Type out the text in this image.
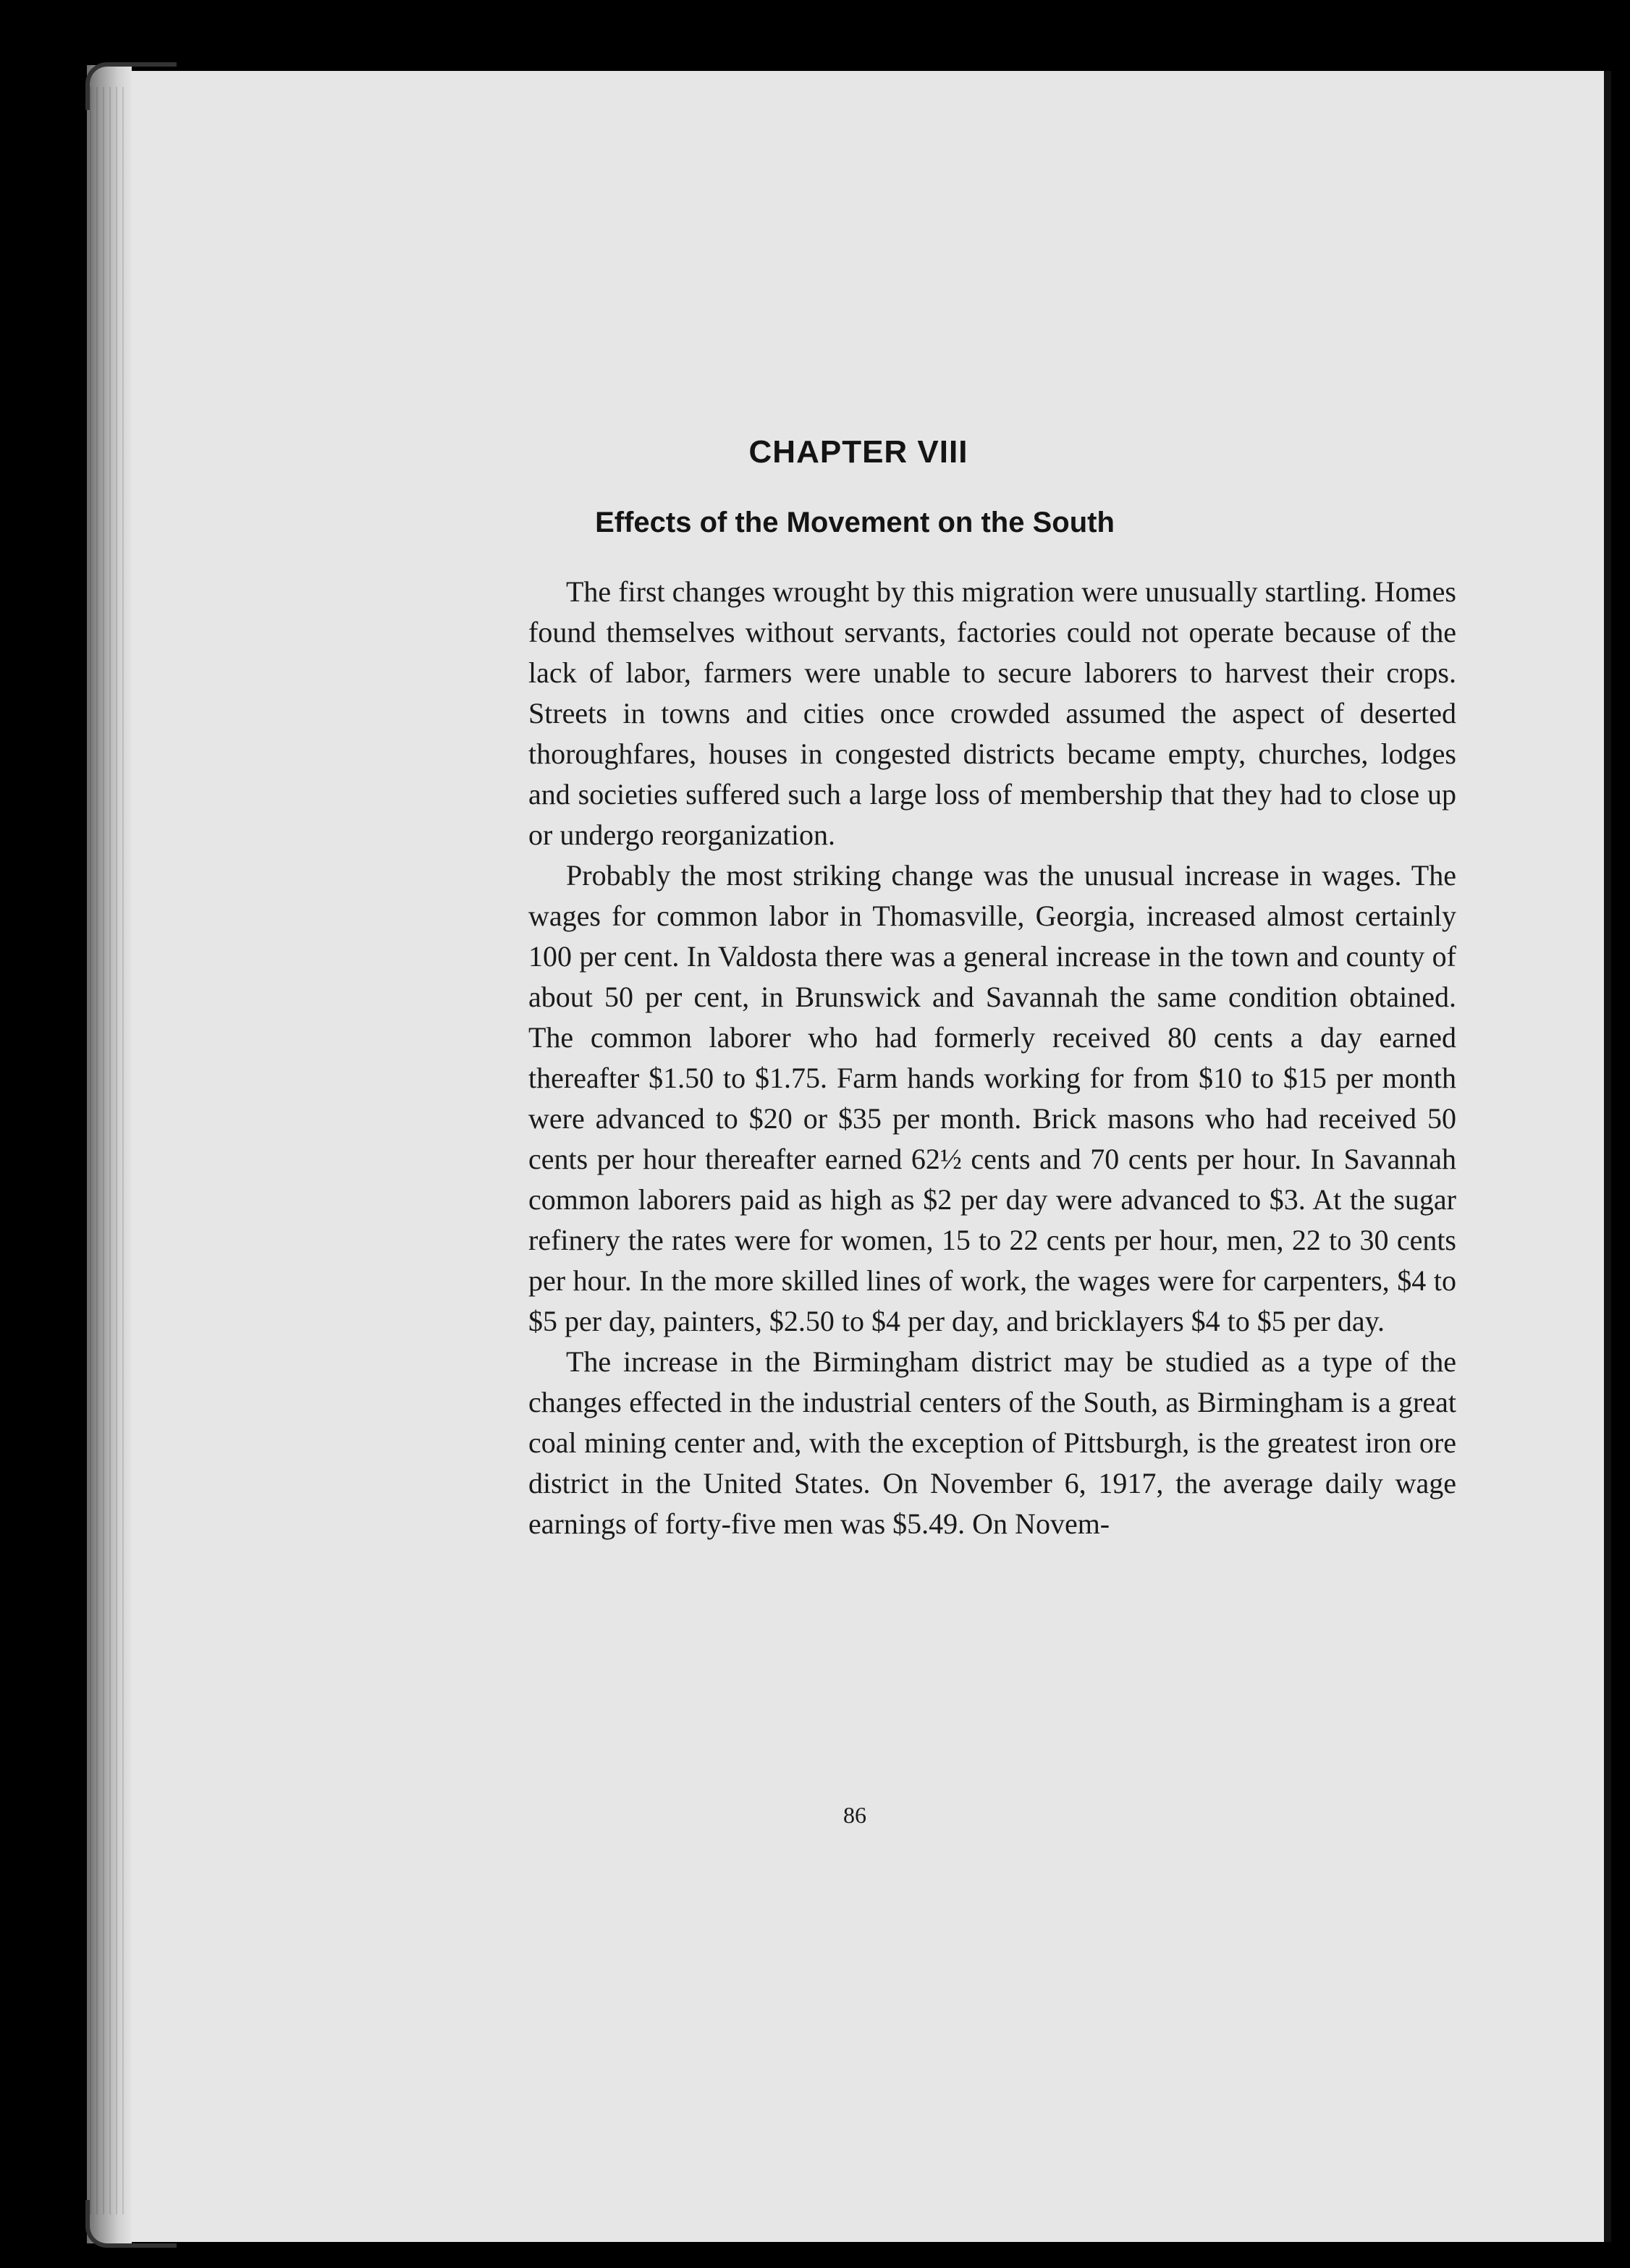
CHAPTER VIII
Effects of the Movement on the South

The first changes wrought by this migration were unusually startling. Homes found themselves without servants, factories could not operate because of the lack of labor, farmers were unable to secure laborers to harvest their crops. Streets in towns and cities once crowded assumed the aspect of deserted thoroughfares, houses in congested districts became empty, churches, lodges and societies suffered such a large loss of membership that they had to close up or undergo reorganization.

Probably the most striking change was the unusual increase in wages. The wages for common labor in Thomasville, Georgia, increased almost certainly 100 per cent. In Valdosta there was a general increase in the town and county of about 50 per cent, in Brunswick and Savannah the same condition obtained. The common laborer who had formerly received 80 cents a day earned thereafter $1.50 to $1.75. Farm hands working for from $10 to $15 per month were advanced to $20 or $35 per month. Brick masons who had received 50 cents per hour thereafter earned 62½ cents and 70 cents per hour. In Savannah common laborers paid as high as $2 per day were advanced to $3. At the sugar refinery the rates were for women, 15 to 22 cents per hour, men, 22 to 30 cents per hour. In the more skilled lines of work, the wages were for carpenters, $4 to $5 per day, painters, $2.50 to $4 per day, and bricklayers $4 to $5 per day.

The increase in the Birmingham district may be studied as a type of the changes effected in the industrial centers of the South, as Birmingham is a great coal mining center and, with the exception of Pittsburgh, is the greatest iron ore district in the United States. On November 6, 1917, the average daily wage earnings of forty-five men was $5.49. On Novem-

86
